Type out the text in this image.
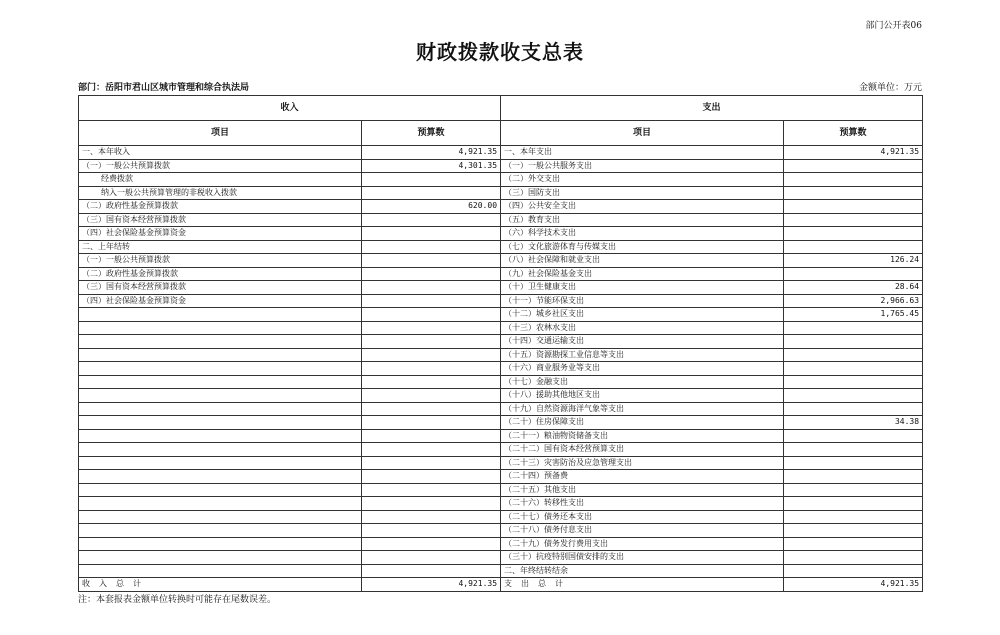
部门公开表06
财政拨款收支总表
部门：岳阳市君山区城市管理和综合执法局	金额单位：万元
收入		支出	
项目	预算数	项目	预算数
一、本年收入	4,921.35	一、本年支出	4,921.35
（一）一般公共预算拨款	4,301.35	（一）一般公共服务支出	
经费拨款		（二）外交支出	
纳入一般公共预算管理的非税收入拨款		（三）国防支出	
（二）政府性基金预算拨款	620.00	（四）公共安全支出	
（三）国有资本经营预算拨款		（五）教育支出	
（四）社会保险基金预算资金		（六）科学技术支出	
二、上年结转		（七）文化旅游体育与传媒支出	
（一）一般公共预算拨款		（八）社会保障和就业支出	126.24
（二）政府性基金预算拨款		（九）社会保险基金支出	
（三）国有资本经营预算拨款		（十）卫生健康支出	28.64
（四）社会保险基金预算资金		（十一）节能环保支出	2,966.63
		（十二）城乡社区支出	1,765.45
		（十三）农林水支出	
		（十四）交通运输支出	
		（十五）资源勘探工业信息等支出	
		（十六）商业服务业等支出	
		（十七）金融支出	
		（十八）援助其他地区支出	
		（十九）自然资源海洋气象等支出	
		（二十）住房保障支出	34.38
		（二十一）粮油物资储备支出	
		（二十二）国有资本经营预算支出	
		（二十三）灾害防治及应急管理支出	
		（二十四）预备费	
		（二十五）其他支出	
		（二十六）转移性支出	
		（二十七）债务还本支出	
		（二十八）债务付息支出	
		（二十九）债务发行费用支出	
		（三十）抗疫特别国债安排的支出	
		二、年终结转结余	
收入总计	4,921.35	支出总计	4,921.35
注：本套报表金额单位转换时可能存在尾数误差。
